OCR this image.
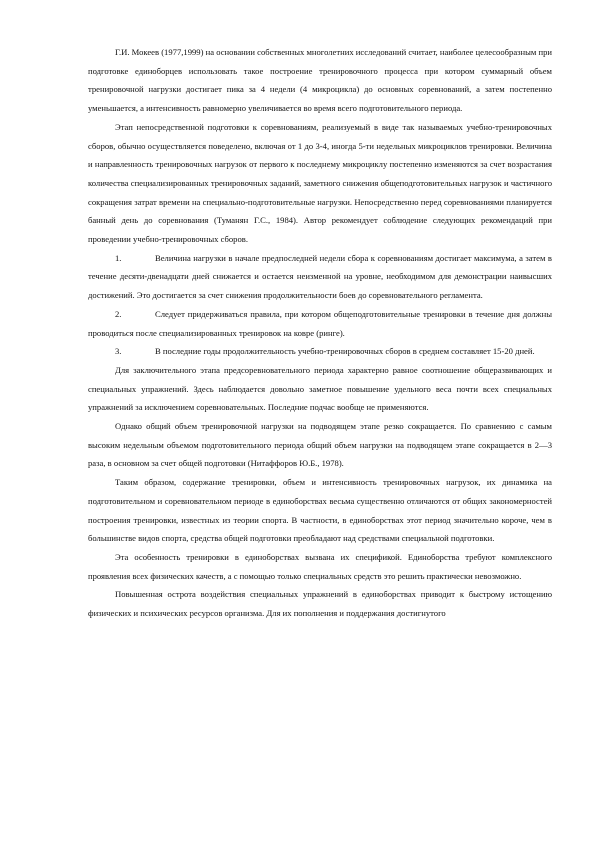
Г.И. Мокеев (1977,1999) на основании собственных многолетних исследований считает, наиболее целесообразным при подготовке единоборцев использовать такое построение тренировочного процесса при котором суммарный объем тренировочной нагрузки достигает пика за 4 недели (4 микроцикла) до основных соревнований, а затем постепенно уменьшается, а интенсивность равномерно увеличивается во время всего подготовительного периода.

Этап непосредственной подготовки к соревнованиям, реализуемый в виде так называемых учебно-тренировочных сборов, обычно осуществляется поведелено, включая от 1 до 3-4, иногда 5-ти недельных микроциклов тренировки. Величина и направленность тренировочных нагрузок от первого к последнему микроциклу постепенно изменяются за счет возрастания количества специализированных тренировочных заданий, заметного снижения общеподготовительных нагрузок и частичного сокращения затрат времени на специально-подготовительные нагрузки. Непосредственно перед соревнованиями планируется банный день до соревнования (Туманян Г.С., 1984). Автор рекомендует соблюдение следующих рекомендаций при проведении учебно-тренировочных сборов.

1.	Величина нагрузки в начале предпоследней недели сбора к соревнованиям достигает максимума, а затем в течение десяти-двенадцати дней снижается и остается неизменной на уровне, необходимом для демонстрации наивысших достижений. Это достигается за счет снижения продолжительности боев до соревновательного регламента.

2.	Следует придерживаться правила, при котором общеподготовительные тренировки в течение дня должны проводиться после специализированных тренировок на ковре (ринге).

3.	В последние годы продолжительность учебно-тренировочных сборов в среднем составляет 15-20 дней.

Для заключительного этапа предсоревновательного периода характерно равное соотношение общеразвивающих и специальных упражнений. Здесь наблюдается довольно заметное повышение удельного веса почти всех специальных упражнений за исключением соревновательных. Последние подчас вообще не применяются.

Однако общий объем тренировочной нагрузки на подводящем этапе резко сокращается. По сравнению с самым высоким недельным объемом подготовительного периода общий объем нагрузки на подводящем этапе сокращается в 2—3 раза, в основном за счет общей подготовки (Нитаффоров Ю.Б., 1978).

Таким образом, содержание тренировки, объем и интенсивность тренировочных нагрузок, их динамика на подготовительном и соревновательном периоде в единоборствах весьма существенно отличаются от общих закономерностей построения тренировки, известных из теории спорта. В частности, в единоборствах этот период значительно короче, чем в большинстве видов спорта, средства общей подготовки преобладают над средствами специальной подготовки.

Эта особенность тренировки в единоборствах вызвана их спецификой. Единоборства требуют комплексного проявления всех физических качеств, а с помощью только специальных средств это решить практически невозможно.

Повышенная острота воздействия специальных упражнений в единоборствах приводит к быстрому истощению физических и психических ресурсов организма. Для их пополнения и поддержания достигнутого
